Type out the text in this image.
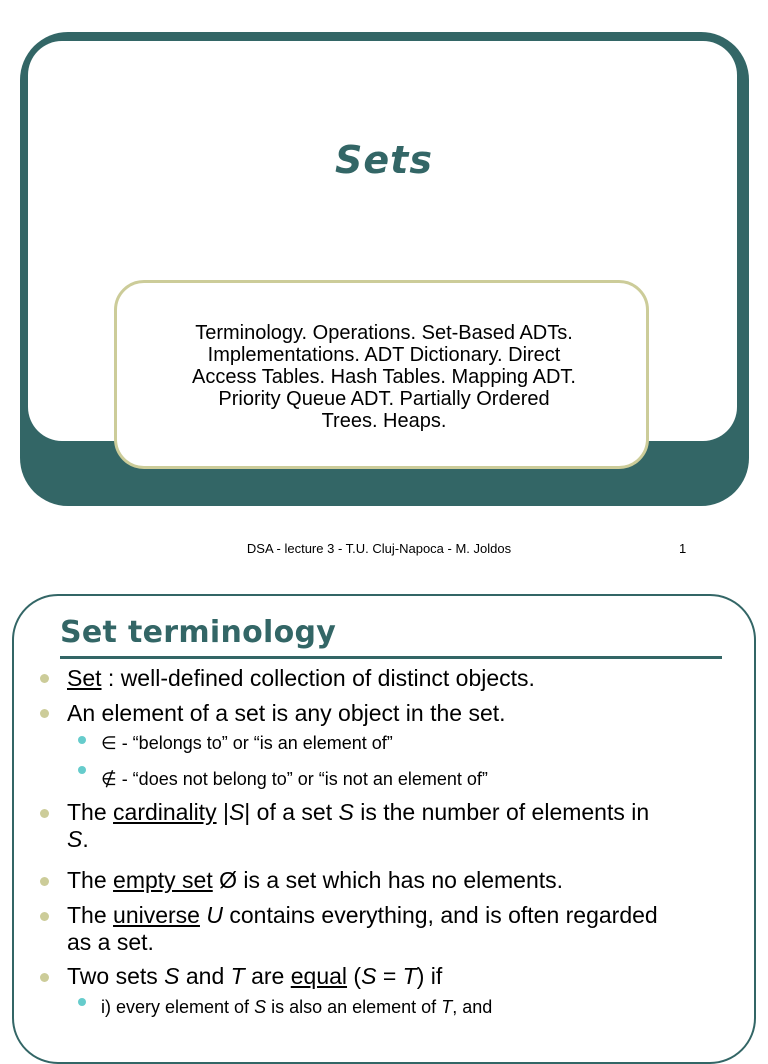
Sets
Terminology. Operations. Set-Based ADTs.
Implementations. ADT Dictionary. Direct
Access Tables. Hash Tables. Mapping ADT.
Priority Queue ADT. Partially Ordered
Trees. Heaps.
DSA - lecture 3 - T.U. Cluj-Napoca - M. Joldos	1
Set terminology
Set : well-defined collection of distinct objects.
An element of a set is any object in the set.
∈ - “belongs to” or “is an element of”
∉ - “does not belong to” or “is not an element of”
The cardinality |S| of a set S is the number of elements in
S.
The empty set Ø is a set which has no elements.
The universe U contains everything, and is often regarded
as a set.
Two sets S and T are equal (S = T) if
i) every element of S is also an element of T, and
